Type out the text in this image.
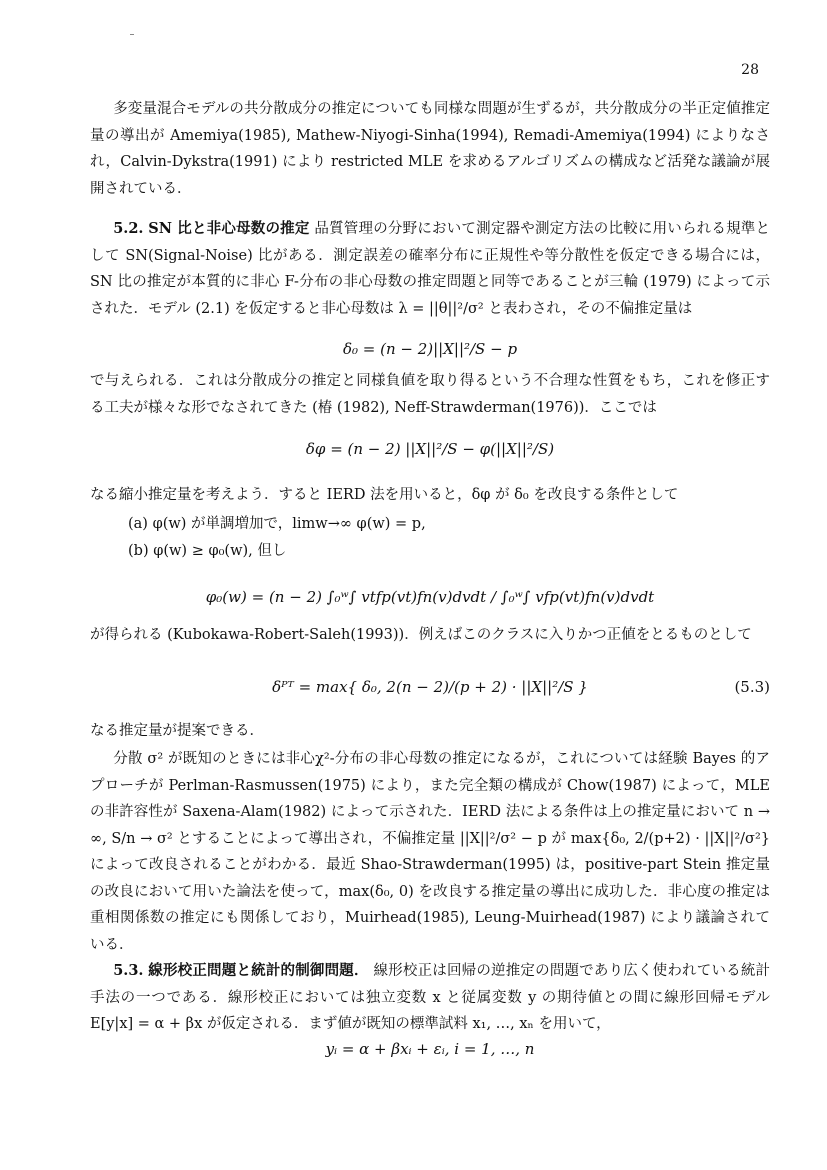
28

多変量混合モデルの共分散成分の推定についても同様な問題が生ずるが，共分散成分の半正定値推定量の導出が Amemiya(1985), Mathew-Niyogi-Sinha(1994), Remadi-Amemiya(1994) によりなされ，Calvin-Dykstra(1991) により restricted MLE を求めるアルゴリズムの構成など活発な議論が展開されている．

5.2. SN 比と非心母数の推定 品質管理の分野において測定器や測定方法の比較に用いられる規準として SN(Signal-Noise) 比がある．測定誤差の確率分布に正規性や等分散性を仮定できる場合には，SN 比の推定が本質的に非心 F-分布の非心母数の推定問題と同等であることが三輪 (1979) によって示された．モデル (2.1) を仮定すると非心母数は λ = ||θ||²/σ² と表わされ，その不偏推定量は

δ₀ = (n − 2)||X||²/S − p

で与えられる．これは分散成分の推定と同様負値を取り得るという不合理な性質をもち，これを修正する工夫が様々な形でなされてきた (椿 (1982), Neff-Strawderman(1976))．ここでは

δφ = (n − 2) ||X||²/S − φ(||X||²/S)

なる縮小推定量を考えよう．すると IERD 法を用いると，δφ が δ₀ を改良する条件として

(a) φ(w) が単調増加で，limw→∞ φ(w) = p,
(b) φ(w) ≥ φ₀(w), 但し
φ₀(w) = (n − 2) ∫₀ʷ∫ vtfp(vt)fn(v)dvdt / ∫₀ʷ∫ vfp(vt)fn(v)dvdt

が得られる (Kubokawa-Robert-Saleh(1993))．例えばこのクラスに入りかつ正値をとるものとして

δᴾᵀ = max{ δ₀, 2(n − 2)/(p + 2) · ||X||²/S }	(5.3)

なる推定量が提案できる．

分散 σ² が既知のときには非心χ²-分布の非心母数の推定になるが，これについては経験 Bayes 的アプローチが Perlman-Rasmussen(1975) により，また完全類の構成が Chow(1987) によって，MLE の非許容性が Saxena-Alam(1982) によって示された．IERD 法による条件は上の推定量において n → ∞, S/n → σ² とすることによって導出され，不偏推定量 ||X||²/σ² − p が max{δ₀, 2/(p+2) · ||X||²/σ²} によって改良されることがわかる．最近 Shao-Strawderman(1995) は，positive-part Stein 推定量の改良において用いた論法を使って，max(δ₀, 0) を改良する推定量の導出に成功した．非心度の推定は重相関係数の推定にも関係しており，Muirhead(1985), Leung-Muirhead(1987) により議論されている．

5.3. 線形校正問題と統計的制御問題． 線形校正は回帰の逆推定の問題であり広く使われている統計手法の一つである．線形校正においては独立変数 x と従属変数 y の期待値との間に線形回帰モデル E[y|x] = α + βx が仮定される．まず値が既知の標準試料 x₁, …, xₙ を用いて，

yᵢ = α + βxᵢ + εᵢ, i = 1, …, n
